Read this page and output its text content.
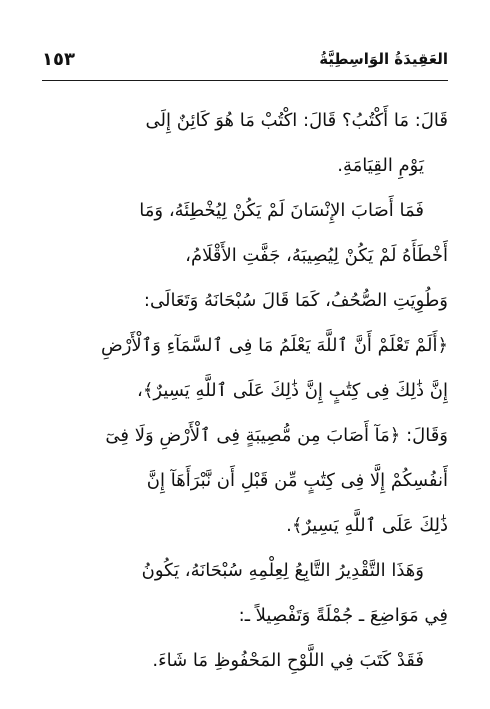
١٥٣	العَقِيدَةُ الوَاسِطِيَّةُ
قَالَ: مَا أَكْتُبُ؟ قَالَ: اكْتُبْ مَا هُوَ كَائِنٌ إِلَى
يَوْمِ القِيَامَةِ.
فَمَا أَصَابَ الإِنْسَانَ لَمْ يَكُنْ لِيُخْطِئَهُ، وَمَا
أَخْطَأَهُ لَمْ يَكُنْ لِيُصِيبَهُ، جَفَّتِ الأَقْلَامُ،
وَطُوِيَتِ الصُّحُفُ، كَمَا قَالَ سُبْحَانَهُ وَتَعَالَى:
﴿أَلَمْ تَعْلَمْ أَنَّ ٱللَّهَ يَعْلَمُ مَا فِى ٱلسَّمَآءِ وَٱلْأَرْضِ
إِنَّ ذَٰلِكَ فِى كِتَٰبٍ إِنَّ ذَٰلِكَ عَلَى ٱللَّهِ يَسِيرٌ﴾،
وَقَالَ: ﴿مَآ أَصَابَ مِن مُّصِيبَةٍ فِى ٱلْأَرْضِ وَلَا فِىٓ
أَنفُسِكُمْ إِلَّا فِى كِتَٰبٍ مِّن قَبْلِ أَن نَّبْرَأَهَآ إِنَّ
ذَٰلِكَ عَلَى ٱللَّهِ يَسِيرٌ﴾.
وَهَذَا التَّقْدِيرُ التَّابِعُ لِعِلْمِهِ سُبْحَانَهُ، يَكُونُ
فِي مَوَاضِعَ ـ جُمْلَةً وَتَفْصِيلاً ـ:
فَقَدْ كَتَبَ فِي اللَّوْحِ المَحْفُوظِ مَا شَاءَ.
